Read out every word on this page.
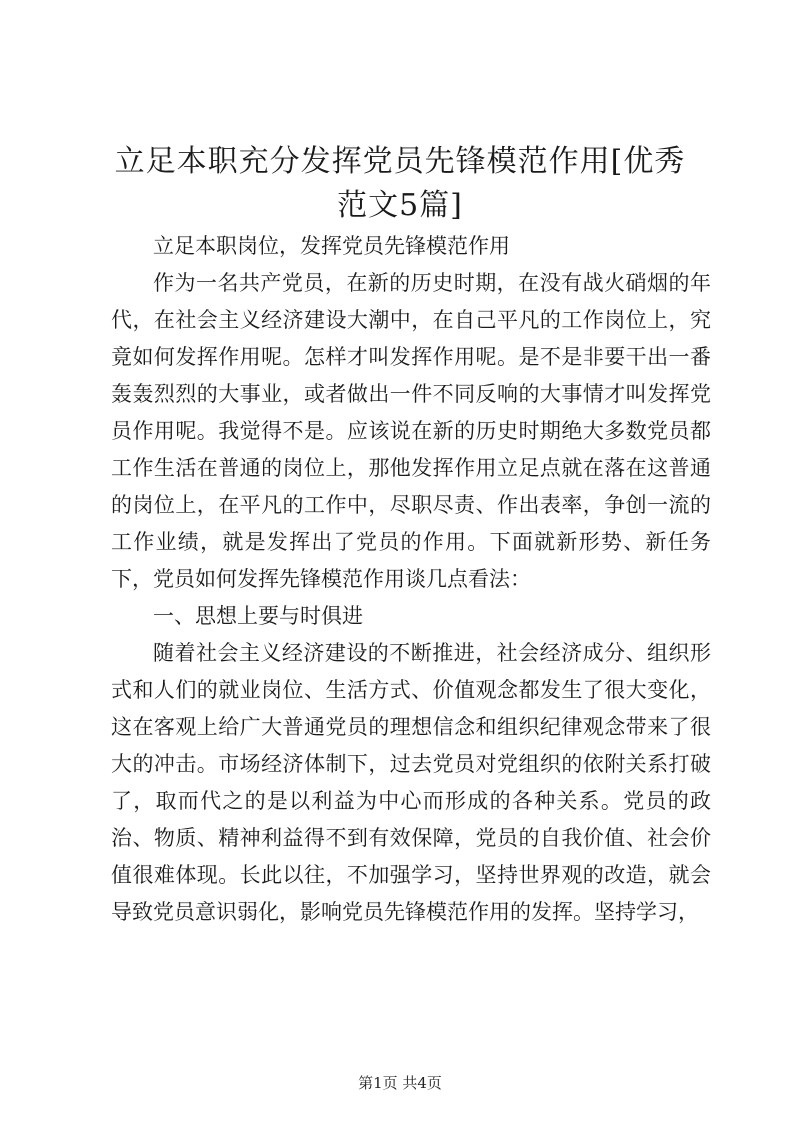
立足本职充分发挥党员先锋模范作用[优秀范文5篇]

立足本职岗位，发挥党员先锋模范作用

作为一名共产党员，在新的历史时期，在没有战火硝烟的年代，在社会主义经济建设大潮中，在自己平凡的工作岗位上，究竟如何发挥作用呢。怎样才叫发挥作用呢。是不是非要干出一番轰轰烈烈的大事业，或者做出一件不同反响的大事情才叫发挥党员作用呢。我觉得不是。应该说在新的历史时期绝大多数党员都工作生活在普通的岗位上，那他发挥作用立足点就在落在这普通的岗位上，在平凡的工作中，尽职尽责、作出表率，争创一流的工作业绩，就是发挥出了党员的作用。下面就新形势、新任务下，党员如何发挥先锋模范作用谈几点看法：

一、思想上要与时俱进

随着社会主义经济建设的不断推进，社会经济成分、组织形式和人们的就业岗位、生活方式、价值观念都发生了很大变化，这在客观上给广大普通党员的理想信念和组织纪律观念带来了很大的冲击。市场经济体制下，过去党员对党组织的依附关系打破了，取而代之的是以利益为中心而形成的各种关系。党员的政治、物质、精神利益得不到有效保障，党员的自我价值、社会价值很难体现。长此以往，不加强学习，坚持世界观的改造，就会导致党员意识弱化，影响党员先锋模范作用的发挥。坚持学习，

第1页 共4页
